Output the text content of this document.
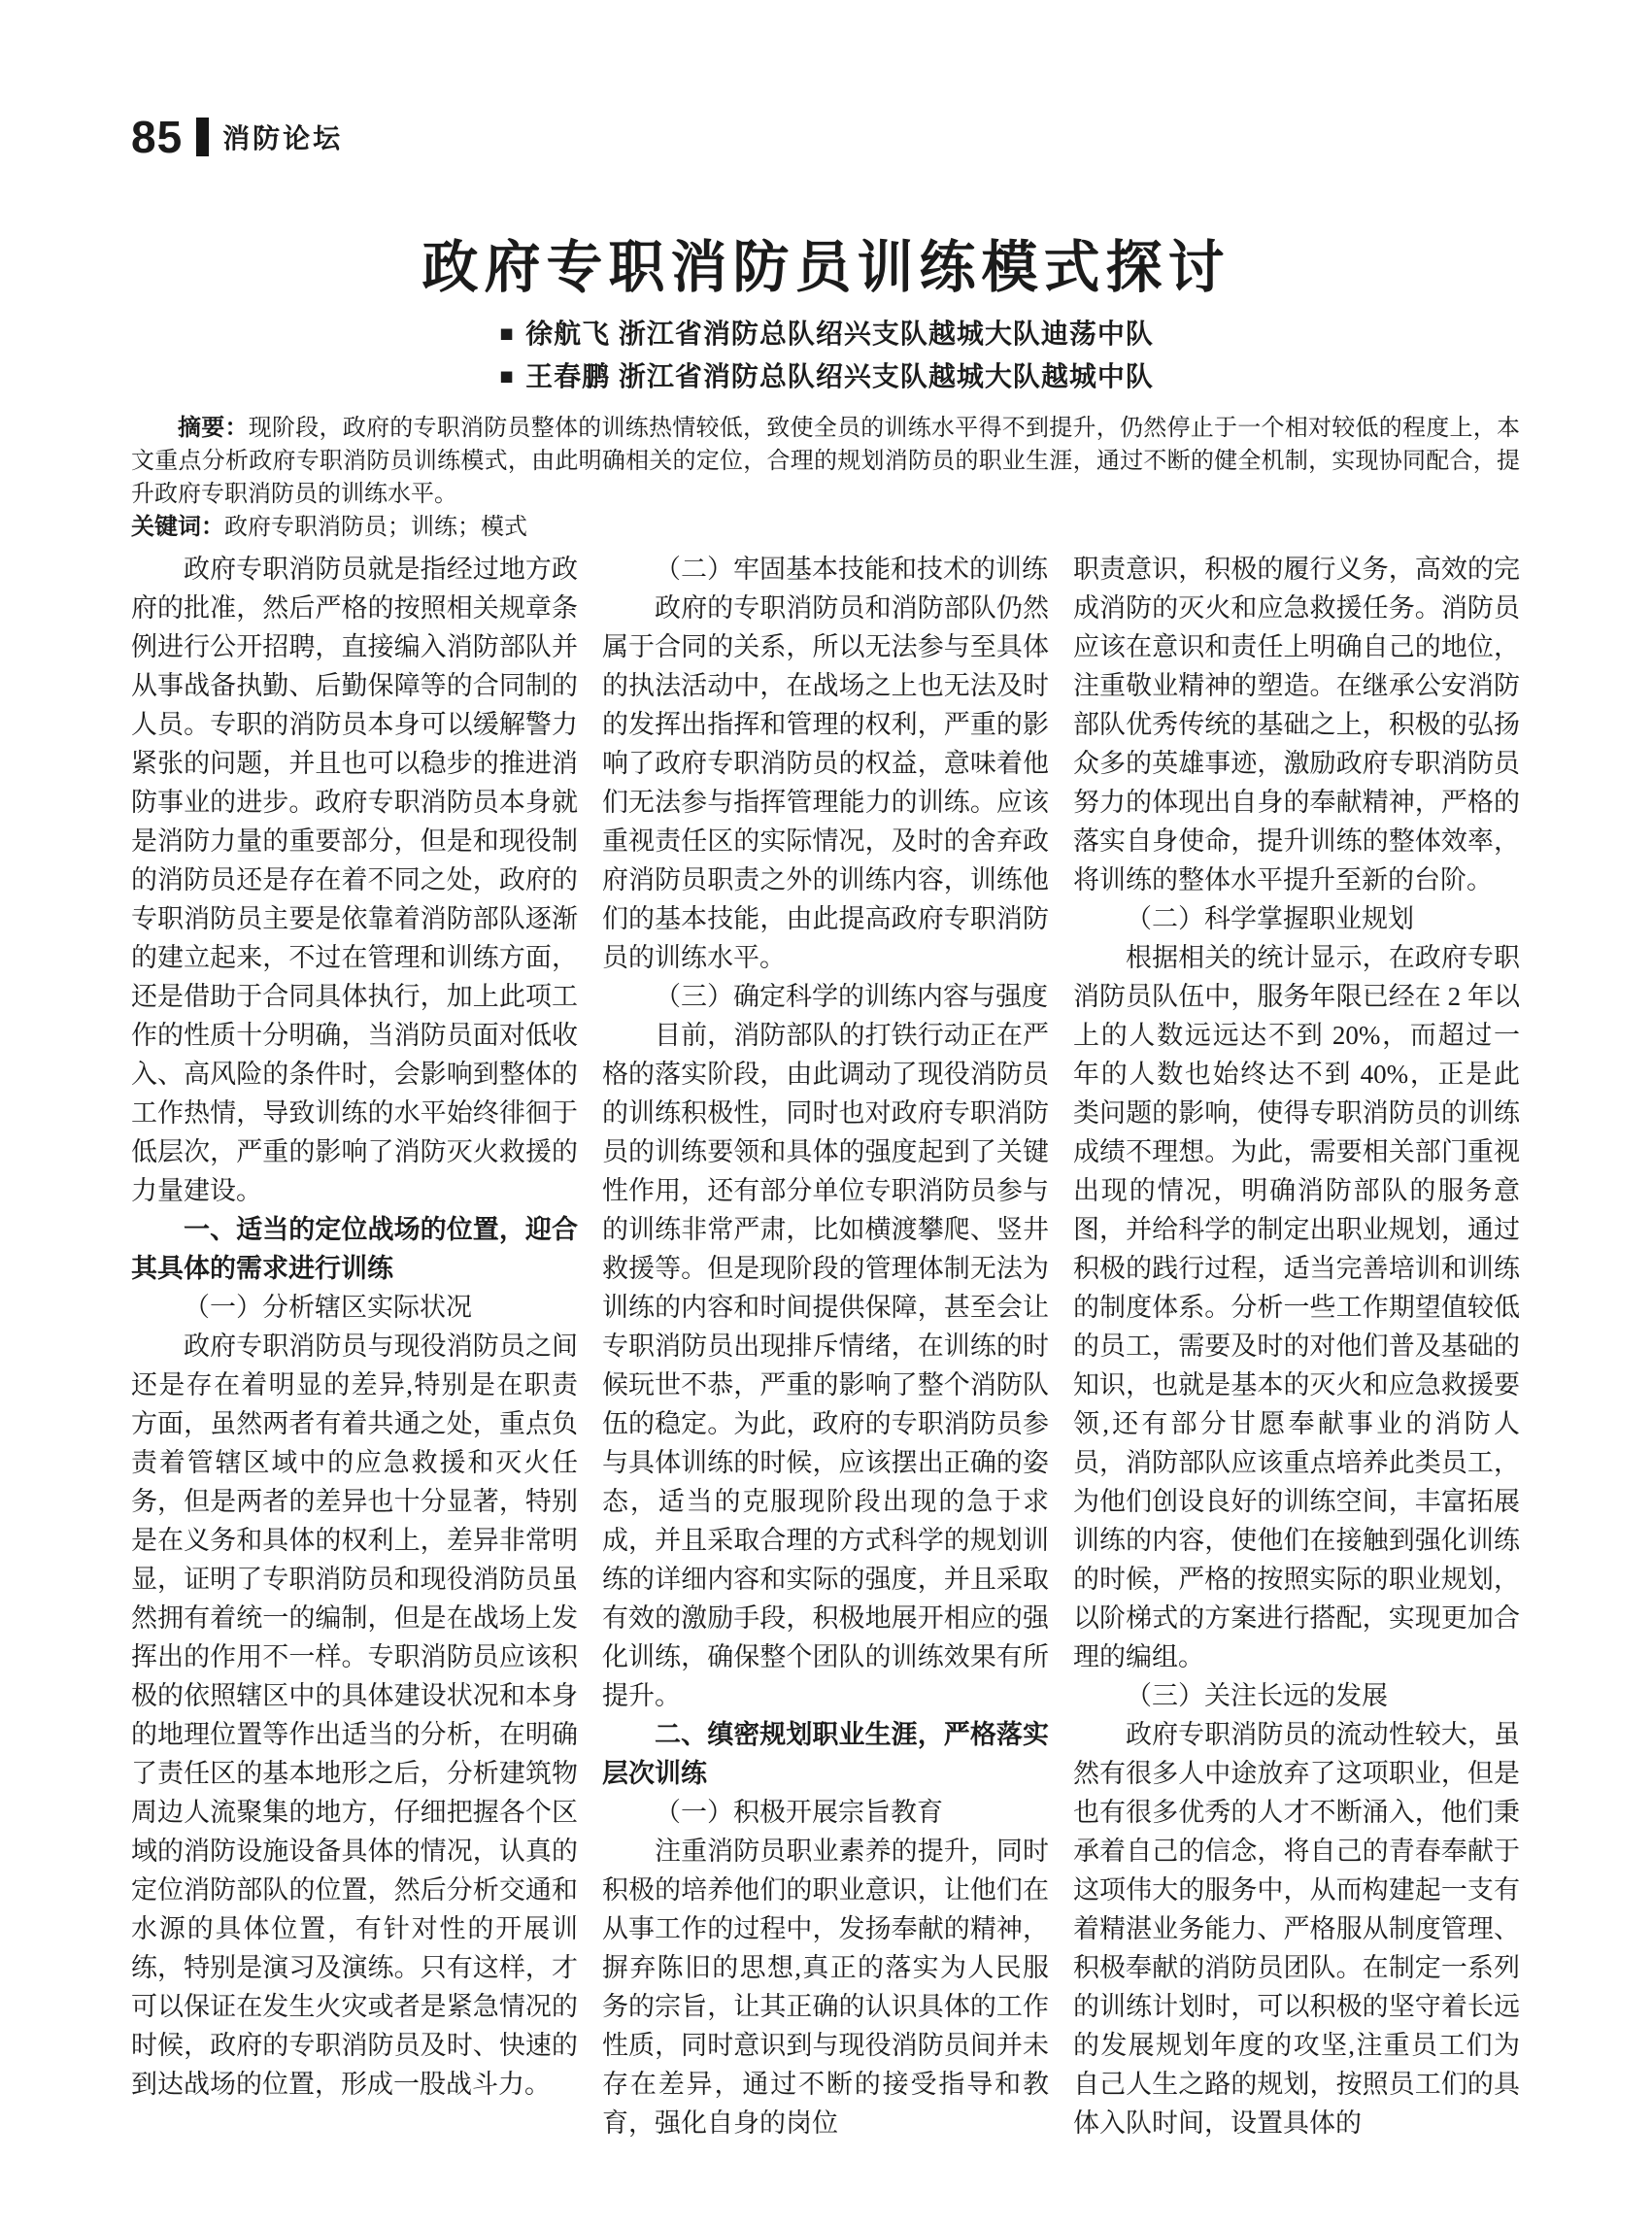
85 消防论坛
政府专职消防员训练模式探讨
■ 徐航飞 浙江省消防总队绍兴支队越城大队迪荡中队
■ 王春鹏 浙江省消防总队绍兴支队越城大队越城中队

摘要：现阶段，政府的专职消防员整体的训练热情较低，致使全员的训练水平得不到提升，仍然停止于一个相对较低的程度上，本文重点分析政府专职消防员训练模式，由此明确相关的定位，合理的规划消防员的职业生涯，通过不断的健全机制，实现协同配合，提升政府专职消防员的训练水平。

关键词：政府专职消防员；训练；模式

政府专职消防员就是指经过地方政府的批准，然后严格的按照相关规章条例进行公开招聘，直接编入消防部队并从事战备执勤、后勤保障等的合同制的人员。专职的消防员本身可以缓解警力紧张的问题，并且也可以稳步的推进消防事业的进步。政府专职消防员本身就是消防力量的重要部分，但是和现役制的消防员还是存在着不同之处，政府的专职消防员主要是依靠着消防部队逐渐的建立起来，不过在管理和训练方面，还是借助于合同具体执行，加上此项工作的性质十分明确，当消防员面对低收入、高风险的条件时，会影响到整体的工作热情，导致训练的水平始终徘徊于低层次，严重的影响了消防灭火救援的力量建设。

一、适当的定位战场的位置，迎合其具体的需求进行训练

（一）分析辖区实际状况

政府专职消防员与现役消防员之间还是存在着明显的差异,特别是在职责方面，虽然两者有着共通之处，重点负责着管辖区域中的应急救援和灭火任务，但是两者的差异也十分显著，特别是在义务和具体的权利上，差异非常明显，证明了专职消防员和现役消防员虽然拥有着统一的编制，但是在战场上发挥出的作用不一样。专职消防员应该积极的依照辖区中的具体建设状况和本身的地理位置等作出适当的分析，在明确了责任区的基本地形之后，分析建筑物周边人流聚集的地方，仔细把握各个区域的消防设施设备具体的情况，认真的定位消防部队的位置，然后分析交通和水源的具体位置，有针对性的开展训练，特别是演习及演练。只有这样，才可以保证在发生火灾或者是紧急情况的时候，政府的专职消防员及时、快速的到达战场的位置，形成一股战斗力。

（二）牢固基本技能和技术的训练

政府的专职消防员和消防部队仍然属于合同的关系，所以无法参与至具体的执法活动中，在战场之上也无法及时的发挥出指挥和管理的权利，严重的影响了政府专职消防员的权益，意味着他们无法参与指挥管理能力的训练。应该重视责任区的实际情况，及时的舍弃政府消防员职责之外的训练内容，训练他们的基本技能，由此提高政府专职消防员的训练水平。

（三）确定科学的训练内容与强度

目前，消防部队的打铁行动正在严格的落实阶段，由此调动了现役消防员的训练积极性，同时也对政府专职消防员的训练要领和具体的强度起到了关键性作用，还有部分单位专职消防员参与的训练非常严肃，比如横渡攀爬、竖井救援等。但是现阶段的管理体制无法为训练的内容和时间提供保障，甚至会让专职消防员出现排斥情绪，在训练的时候玩世不恭，严重的影响了整个消防队伍的稳定。为此，政府的专职消防员参与具体训练的时候，应该摆出正确的姿态，适当的克服现阶段出现的急于求成，并且采取合理的方式科学的规划训练的详细内容和实际的强度，并且采取有效的激励手段，积极地展开相应的强化训练，确保整个团队的训练效果有所提升。

二、缜密规划职业生涯，严格落实层次训练

（一）积极开展宗旨教育

注重消防员职业素养的提升，同时积极的培养他们的职业意识，让他们在从事工作的过程中，发扬奉献的精神，摒弃陈旧的思想,真正的落实为人民服务的宗旨，让其正确的认识具体的工作性质，同时意识到与现役消防员间并未存在差异，通过不断的接受指导和教育，强化自身的岗位

职责意识，积极的履行义务，高效的完成消防的灭火和应急救援任务。消防员应该在意识和责任上明确自己的地位，注重敬业精神的塑造。在继承公安消防部队优秀传统的基础之上，积极的弘扬众多的英雄事迹，激励政府专职消防员努力的体现出自身的奉献精神，严格的落实自身使命，提升训练的整体效率，将训练的整体水平提升至新的台阶。

（二）科学掌握职业规划

根据相关的统计显示，在政府专职消防员队伍中，服务年限已经在 2 年以上的人数远远达不到 20%，而超过一年的人数也始终达不到 40%，正是此类问题的影响，使得专职消防员的训练成绩不理想。为此，需要相关部门重视出现的情况，明确消防部队的服务意图，并给科学的制定出职业规划，通过积极的践行过程，适当完善培训和训练的制度体系。分析一些工作期望值较低的员工，需要及时的对他们普及基础的知识，也就是基本的灭火和应急救援要领,还有部分甘愿奉献事业的消防人员，消防部队应该重点培养此类员工，为他们创设良好的训练空间，丰富拓展训练的内容，使他们在接触到强化训练的时候，严格的按照实际的职业规划，以阶梯式的方案进行搭配，实现更加合理的编组。

（三）关注长远的发展

政府专职消防员的流动性较大，虽然有很多人中途放弃了这项职业，但是也有很多优秀的人才不断涌入，他们秉承着自己的信念，将自己的青春奉献于这项伟大的服务中，从而构建起一支有着精湛业务能力、严格服从制度管理、积极奉献的消防员团队。在制定一系列的训练计划时，可以积极的坚守着长远的发展规划年度的攻坚,注重员工们为自己人生之路的规划，按照员工们的具体入队时间，设置具体的
